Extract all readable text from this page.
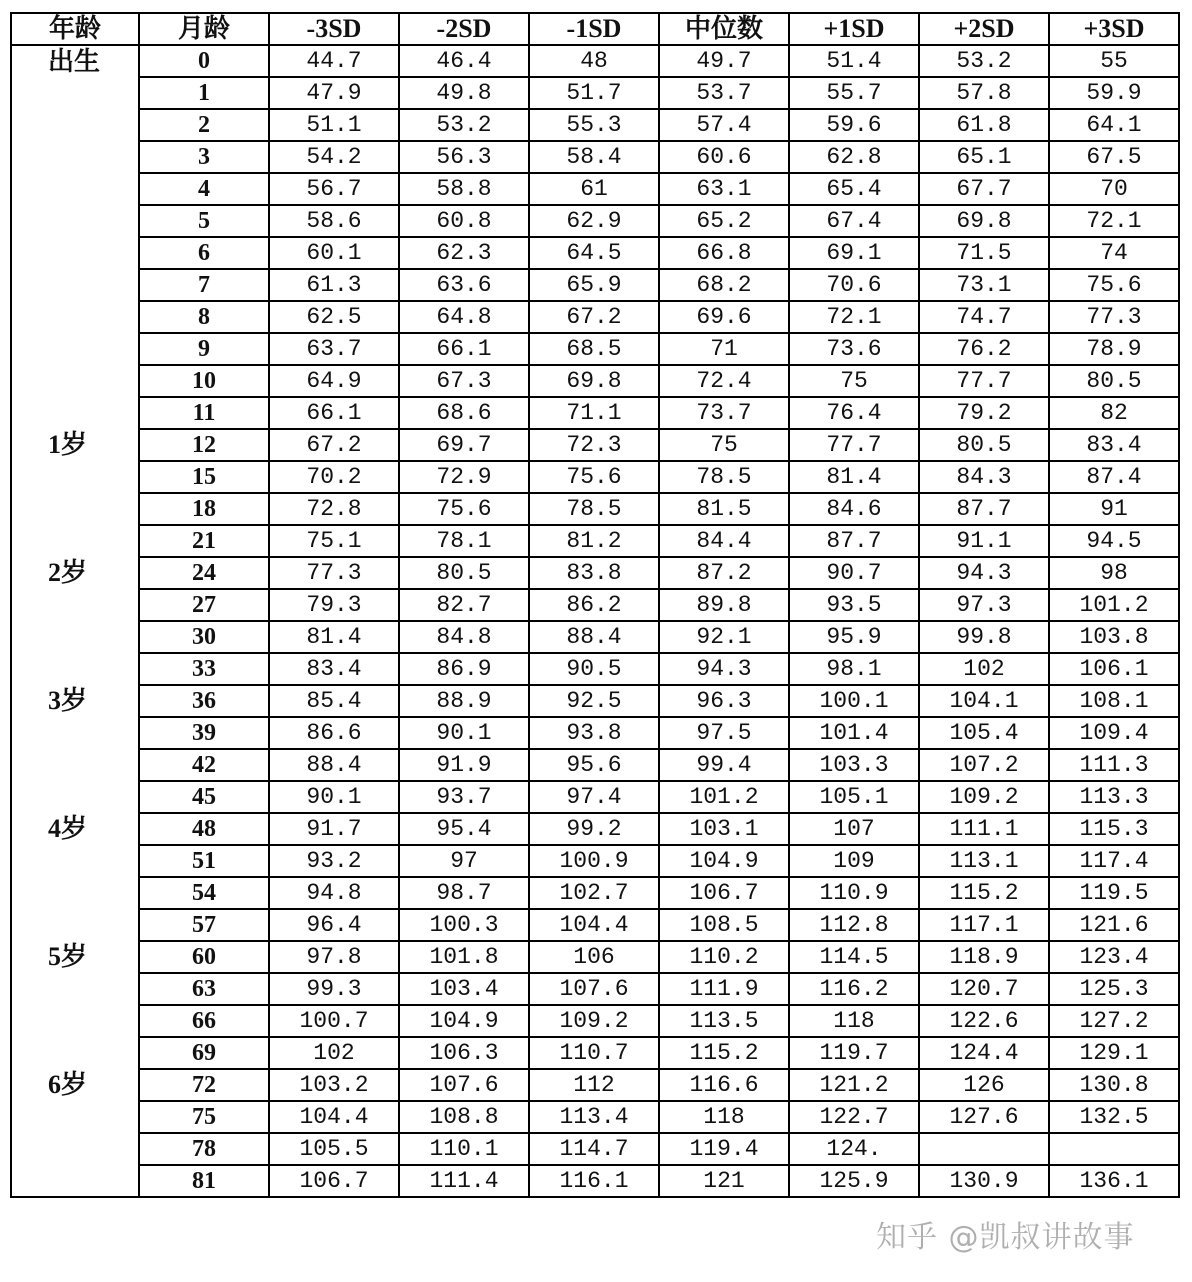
年龄	月龄	-3SD	-2SD	-1SD	中位数	+1SD	+2SD	+3SD
出生	0	44.7	46.4	48	49.7	51.4	53.2	55
	1	47.9	49.8	51.7	53.7	55.7	57.8	59.9
	2	51.1	53.2	55.3	57.4	59.6	61.8	64.1
	3	54.2	56.3	58.4	60.6	62.8	65.1	67.5
	4	56.7	58.8	61	63.1	65.4	67.7	70
	5	58.6	60.8	62.9	65.2	67.4	69.8	72.1
	6	60.1	62.3	64.5	66.8	69.1	71.5	74
	7	61.3	63.6	65.9	68.2	70.6	73.1	75.6
	8	62.5	64.8	67.2	69.6	72.1	74.7	77.3
	9	63.7	66.1	68.5	71	73.6	76.2	78.9
	10	64.9	67.3	69.8	72.4	75	77.7	80.5
	11	66.1	68.6	71.1	73.7	76.4	79.2	82
1岁	12	67.2	69.7	72.3	75	77.7	80.5	83.4
	15	70.2	72.9	75.6	78.5	81.4	84.3	87.4
	18	72.8	75.6	78.5	81.5	84.6	87.7	91
	21	75.1	78.1	81.2	84.4	87.7	91.1	94.5
2岁	24	77.3	80.5	83.8	87.2	90.7	94.3	98
	27	79.3	82.7	86.2	89.8	93.5	97.3	101.2
	30	81.4	84.8	88.4	92.1	95.9	99.8	103.8
	33	83.4	86.9	90.5	94.3	98.1	102	106.1
3岁	36	85.4	88.9	92.5	96.3	100.1	104.1	108.1
	39	86.6	90.1	93.8	97.5	101.4	105.4	109.4
	42	88.4	91.9	95.6	99.4	103.3	107.2	111.3
	45	90.1	93.7	97.4	101.2	105.1	109.2	113.3
4岁	48	91.7	95.4	99.2	103.1	107	111.1	115.3
	51	93.2	97	100.9	104.9	109	113.1	117.4
	54	94.8	98.7	102.7	106.7	110.9	115.2	119.5
	57	96.4	100.3	104.4	108.5	112.8	117.1	121.6
5岁	60	97.8	101.8	106	110.2	114.5	118.9	123.4
	63	99.3	103.4	107.6	111.9	116.2	120.7	125.3
	66	100.7	104.9	109.2	113.5	118	122.6	127.2
	69	102	106.3	110.7	115.2	119.7	124.4	129.1
6岁	72	103.2	107.6	112	116.6	121.2	126	130.8
	75	104.4	108.8	113.4	118	122.7	127.6	132.5
	78	105.5	110.1	114.7	119.4	124.		
	81	106.7	111.4	116.1	121	125.9	130.9	136.1
知乎 @凯叔讲故事
